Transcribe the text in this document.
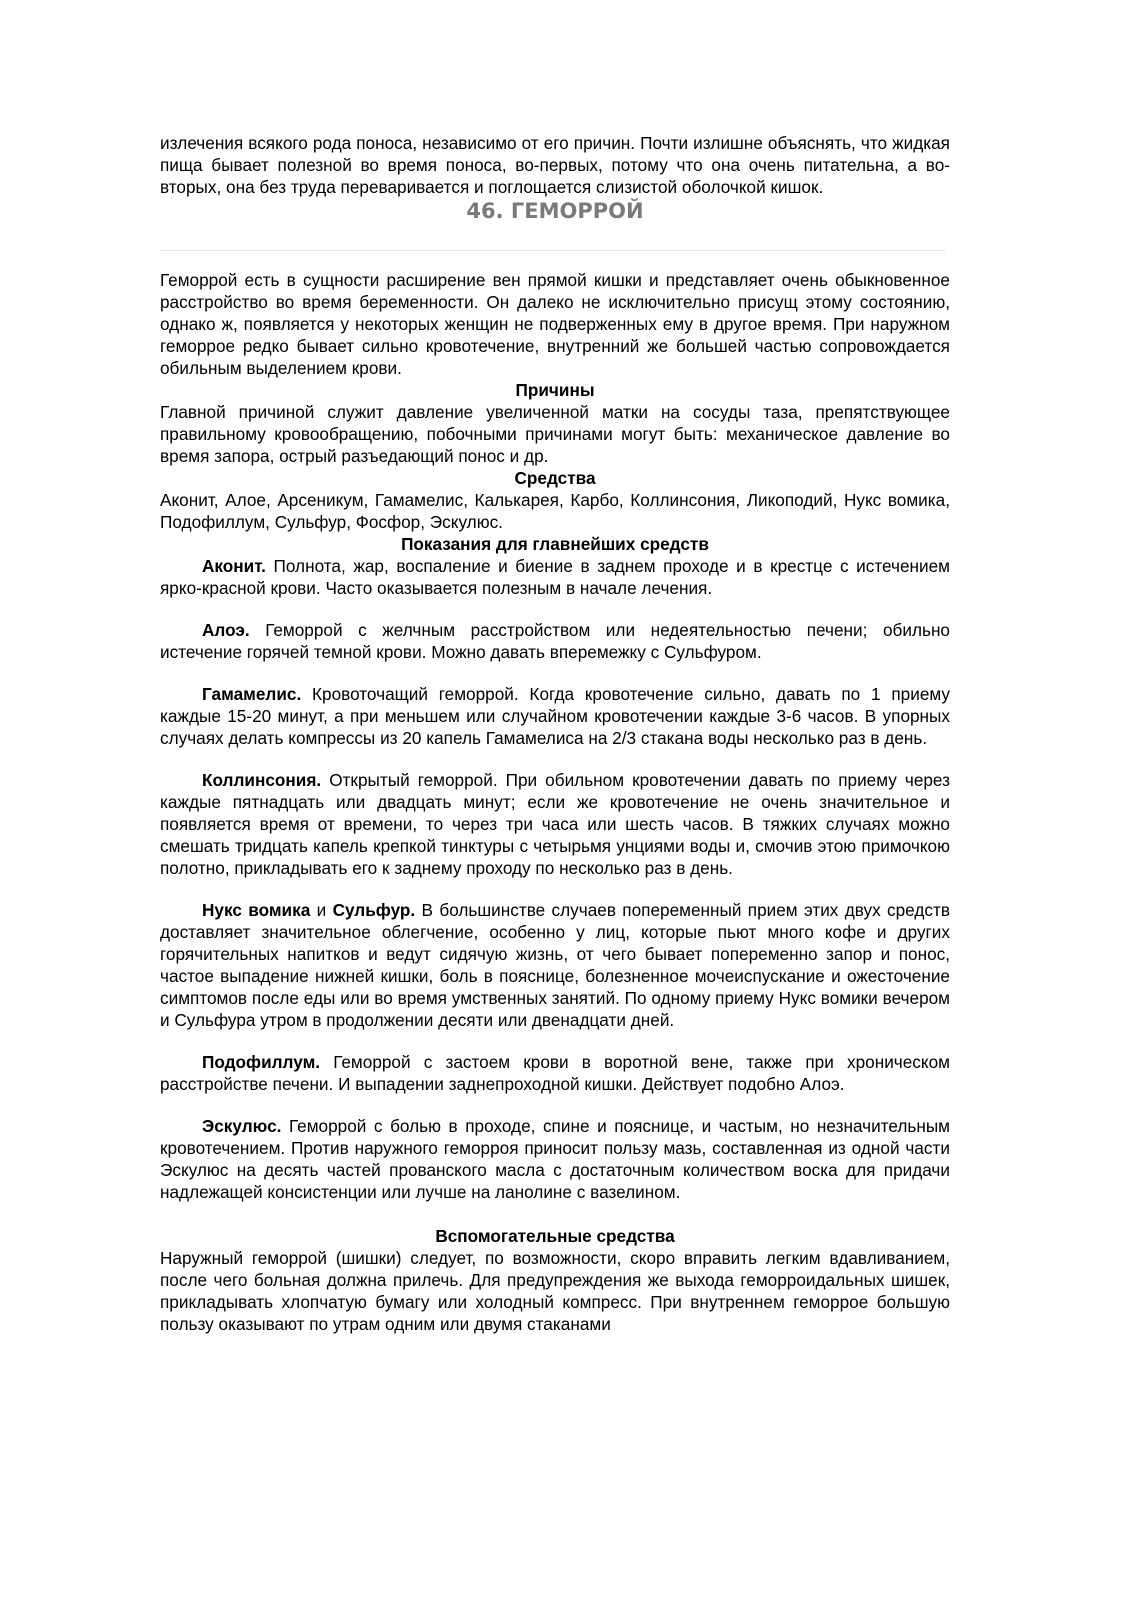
излечения всякого рода поноса, независимо от его причин. Почти излишне объяснять, что жидкая пища бывает полезной во время поноса, во-первых, потому что она очень питательна, а во-вторых, она без труда переваривается и поглощается слизистой оболочкой кишок.

46. ГЕМОРРОЙ

Геморрой есть в сущности расширение вен прямой кишки и представляет очень обыкновенное расстройство во время беременности. Он далеко не исключительно присущ этому состоянию, однако ж, появляется у некоторых женщин не подверженных ему в другое время. При наружном геморрое редко бывает сильно кровотечение, внутренний же большей частью сопровождается обильным выделением крови.

Причины

Главной причиной служит давление увеличенной матки на сосуды таза, препятствующее правильному кровообращению, побочными причинами могут быть: механическое давление во время запора, острый разъедающий понос и др.

Средства

Аконит, Алое, Арсеникум, Гамамелис, Калькарея, Карбо, Коллинсония, Ликоподий, Нукс вомика, Подофиллум, Сульфур, Фосфор, Эскулюс.

Показания для главнейших средств

Аконит. Полнота, жар, воспаление и биение в заднем проходе и в крестце с истечением ярко-красной крови. Часто оказывается полезным в начале лечения.

Алоэ. Геморрой с желчным расстройством или недеятельностью печени; обильно истечение горячей темной крови. Можно давать вперемежку с Сульфуром.

Гамамелис. Кровоточащий геморрой. Когда кровотечение сильно, давать по 1 приему каждые 15-20 минут, а при меньшем или случайном кровотечении каждые 3-6 часов. В упорных случаях делать компрессы из 20 капель Гамамелиса на 2/3 стакана воды несколько раз в день.

Коллинсония. Открытый геморрой. При обильном кровотечении давать по приему через каждые пятнадцать или двадцать минут; если же кровотечение не очень значительное и появляется время от времени, то через три часа или шесть часов. В тяжких случаях можно смешать тридцать капель крепкой тинктуры с четырьмя унциями воды и, смочив этою примочкою полотно, прикладывать его к заднему проходу по несколько раз в день.

Нукс вомика и Сульфур. В большинстве случаев попеременный прием этих двух средств доставляет значительное облегчение, особенно у лиц, которые пьют много кофе и других горячительных напитков и ведут сидячую жизнь, от чего бывает попеременно запор и понос, частое выпадение нижней кишки, боль в пояснице, болезненное мочеиспускание и ожесточение симптомов после еды или во время умственных занятий. По одному приему Нукс вомики вечером и Сульфура утром в продолжении десяти или двенадцати дней.

Подофиллум. Геморрой с застоем крови в воротной вене, также при хроническом расстройстве печени. И выпадении заднепроходной кишки. Действует подобно Алоэ.

Эскулюс. Геморрой с болью в проходе, спине и пояснице, и частым, но незначительным кровотечением. Против наружного геморроя приносит пользу мазь, составленная из одной части Эскулюс на десять частей прованского масла с достаточным количеством воска для придачи надлежащей консистенции или лучше на ланолине с вазелином.

Вспомогательные средства

Наружный геморрой (шишки) следует, по возможности, скоро вправить легким вдавливанием, после чего больная должна прилечь. Для предупреждения же выхода геморроидальных шишек, прикладывать хлопчатую бумагу или холодный компресс. При внутреннем геморрое большую пользу оказывают по утрам одним или двумя стаканами
